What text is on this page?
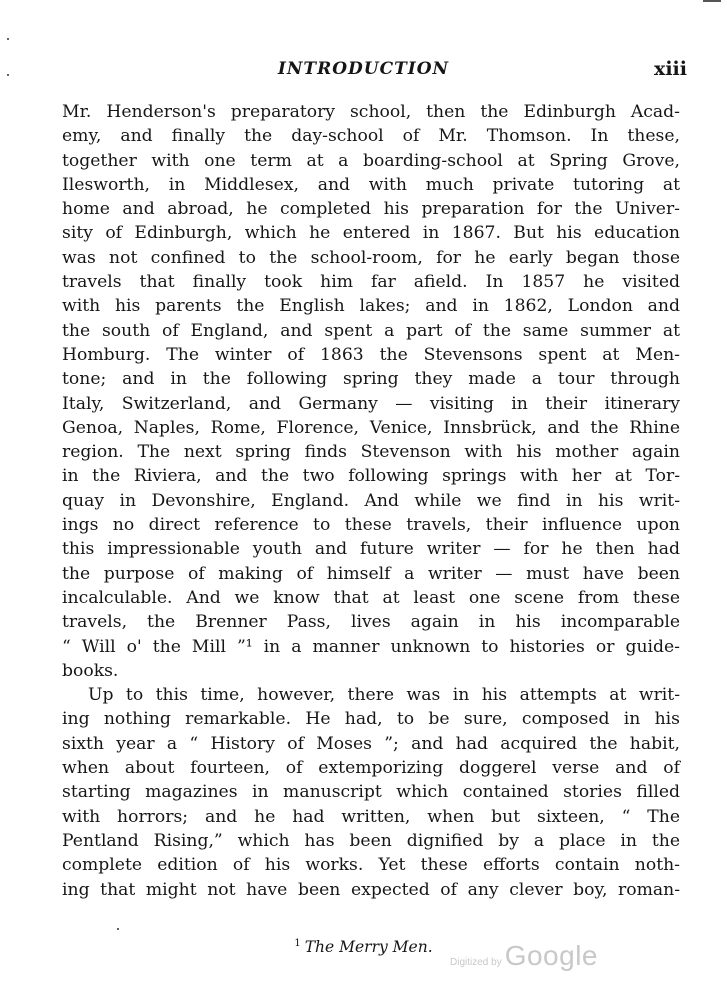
INTRODUCTION	xiii
Mr. Henderson's preparatory school, then the Edinburgh Acad-
emy, and finally the day-school of Mr. Thomson. In these,
together with one term at a boarding-school at Spring Grove,
Ilesworth, in Middlesex, and with much private tutoring at
home and abroad, he completed his preparation for the Univer-
sity of Edinburgh, which he entered in 1867. But his education
was not confined to the school-room, for he early began those
travels that finally took him far afield. In 1857 he visited
with his parents the English lakes; and in 1862, London and
the south of England, and spent a part of the same summer at
Homburg. The winter of 1863 the Stevensons spent at Men-
tone; and in the following spring they made a tour through
Italy, Switzerland, and Germany — visiting in their itinerary
Genoa, Naples, Rome, Florence, Venice, Innsbrück, and the Rhine
region. The next spring finds Stevenson with his mother again
in the Riviera, and the two following springs with her at Tor-
quay in Devonshire, England. And while we find in his writ-
ings no direct reference to these travels, their influence upon
this impressionable youth and future writer — for he then had
the purpose of making of himself a writer — must have been
incalculable. And we know that at least one scene from these
travels, the Brenner Pass, lives again in his incomparable
“ Will o' the Mill ”¹ in a manner unknown to histories or guide-
books.
Up to this time, however, there was in his attempts at writ-
ing nothing remarkable. He had, to be sure, composed in his
sixth year a “ History of Moses ”; and had acquired the habit,
when about fourteen, of extemporizing doggerel verse and of
starting magazines in manuscript which contained stories filled
with horrors; and he had written, when but sixteen, “ The
Pentland Rising,” which has been dignified by a place in the
complete edition of his works. Yet these efforts contain noth-
ing that might not have been expected of any clever boy, roman-
$^1$ The Merry Men.
Digitized by Google
